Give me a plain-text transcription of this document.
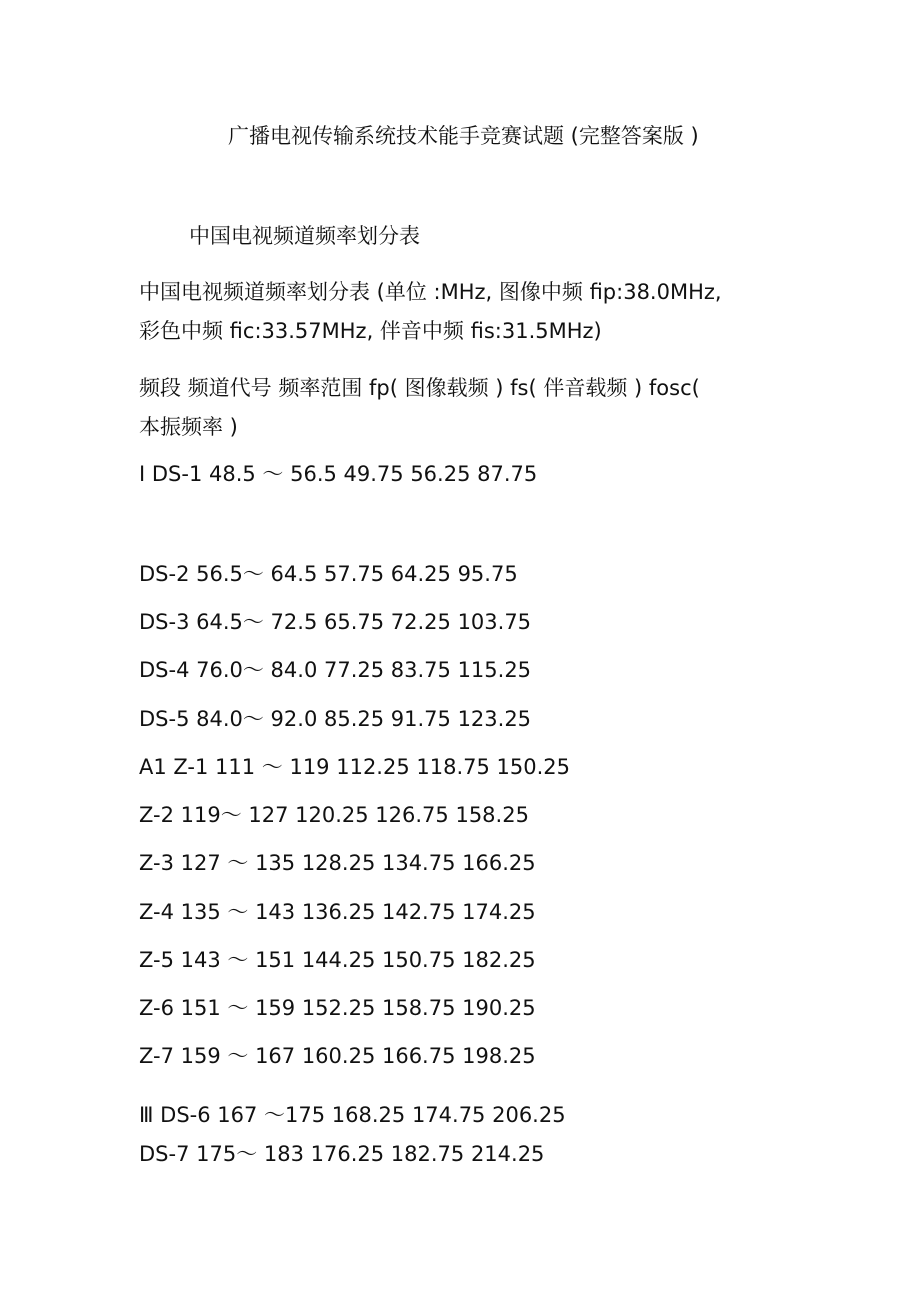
广播电视传输系统技术能手竞赛试题 (完整答案版 )
中国电视频道频率划分表
中国电视频道频率划分表 (单位 :MHz, 图像中频 fip:38.0MHz,
彩色中频 fic:33.57MHz, 伴音中频 fis:31.5MHz)
频段 频道代号 频率范围 fp( 图像载频 ) fs( 伴音载频 ) fosc(
本振频率 )
Ⅰ DS-1 48.5 ～ 56.5 49.75 56.25 87.75
DS-2 56.5～ 64.5 57.75 64.25 95.75
DS-3 64.5～ 72.5 65.75 72.25 103.75
DS-4 76.0～ 84.0 77.25 83.75 115.25
DS-5 84.0～ 92.0 85.25 91.75 123.25
A1 Z-1 111 ～ 119 112.25 118.75 150.25
Z-2 119～ 127 120.25 126.75 158.25
Z-3 127 ～ 135 128.25 134.75 166.25
Z-4 135 ～ 143 136.25 142.75 174.25
Z-5 143 ～ 151 144.25 150.75 182.25
Z-6 151 ～ 159 152.25 158.75 190.25
Z-7 159 ～ 167 160.25 166.75 198.25
Ⅲ DS-6 167 ～175 168.25 174.75 206.25
DS-7 175～ 183 176.25 182.75 214.25
